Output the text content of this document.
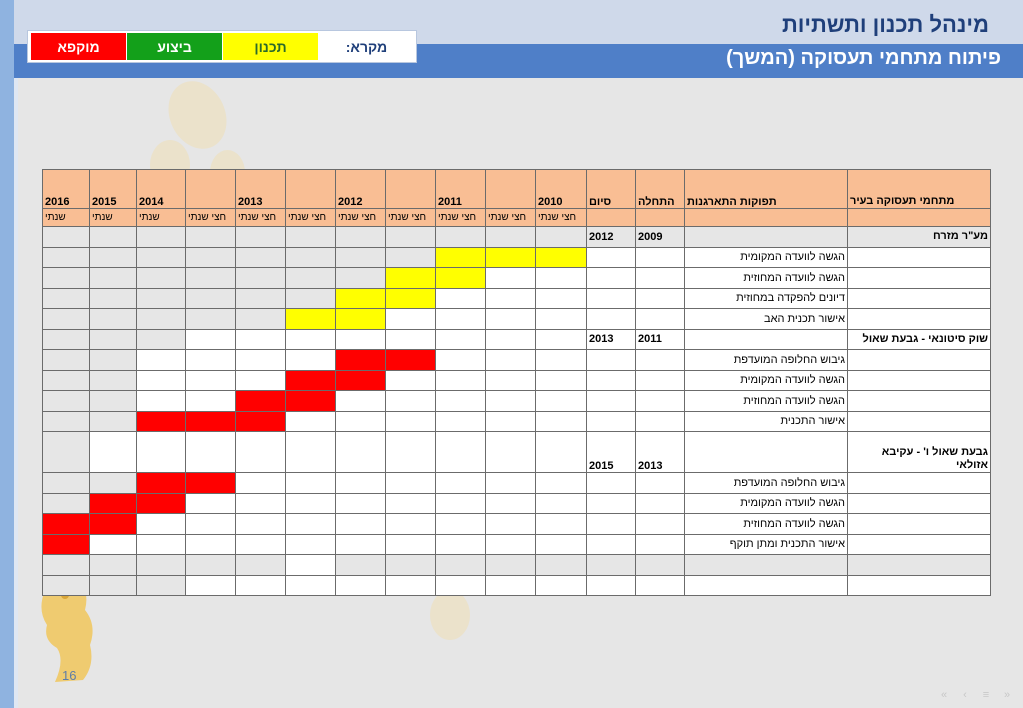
מינהל תכנון ותשתיות
פיתוח מתחמי תעסוקה (המשך)
מקרא:
תכנון
ביצוע
מוקפא
מתחמי תעסוקה בעיר	תפוקות התארגנות	התחלה	סיום	2010		2011		2012		2013		2014	2015	2016
				חצי שנתי	חצי שנתי	חצי שנתי	חצי שנתי	חצי שנתי	חצי שנתי	חצי שנתי	חצי שנתי	שנתי	שנתי	שנתי
מע"ר מזרח		2009	2012											
	הגשה לוועדה המקומית													
	הגשה לוועדה המחוזית													
	דיונים להפקדה במחוזית													
	אישור תכנית האב													
שוק סיטונאי - גבעת שאול		2011	2013											
	גיבוש החלופה המועדפת													
	הגשה לוועדה המקומית													
	הגשה לוועדה המחוזית													
	אישור התכנית													
גבעת שאול ו' - עקיבא אזולאי		2013	2015											
	גיבוש החלופה המועדפת													
	הגשה לוועדה המקומית													
	הגשה לוועדה המחוזית													
	אישור התכנית ומתן תוקף													

16
«	‹	≡	»
